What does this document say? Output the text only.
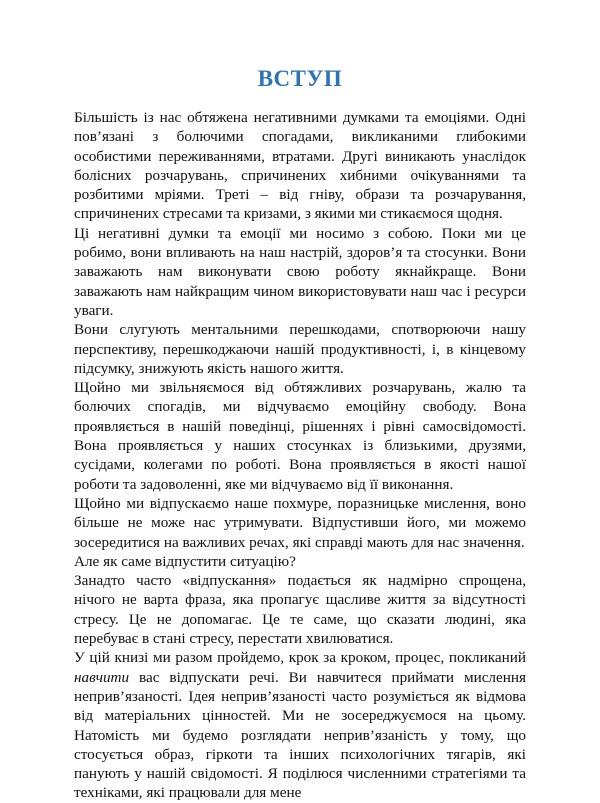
ВСТУП

Більшість із нас обтяжена негативними думками та емоціями. Одні пов’язані з болючими спогадами, викликаними глибокими особистими переживаннями, втратами. Другі виникають унаслідок болісних розчарувань, спричинених хибними очікуваннями та розбитими мріями. Треті – від гніву, образи та розчарування, спричинених стресами та кризами, з якими ми стикаємося щодня.

Ці негативні думки та емоції ми носимо з собою. Поки ми це робимо, вони впливають на наш настрій, здоров’я та стосунки. Вони заважають нам виконувати свою роботу якнайкраще. Вони заважають нам найкращим чином використовувати наш час і ресурси уваги.

Вони слугують ментальними перешкодами, спотворюючи нашу перспективу, перешкоджаючи нашій продуктивності, і, в кінцевому підсумку, знижують якість нашого життя.

Щойно ми звільняємося від обтяжливих розчарувань, жалю та болючих спогадів, ми відчуваємо емоційну свободу. Вона проявляється в нашій поведінці, рішеннях і рівні самосвідомості. Вона проявляється у наших стосунках із близькими, друзями, сусідами, колегами по роботі. Вона проявляється в якості нашої роботи та задоволенні, яке ми відчуваємо від її виконання.

Щойно ми відпускаємо наше похмуре, поразницьке мислення, воно більше не може нас утримувати. Відпустивши його, ми можемо зосередитися на важливих речах, які справді мають для нас значення.

Але як саме відпустити ситуацію?

Занадто часто «відпускання» подається як надмірно спрощена, нічого не варта фраза, яка пропагує щасливе життя за відсутності стресу. Це не допомагає. Це те саме, що сказати людині, яка перебуває в стані стресу, перестати хвилюватися.

У цій книзі ми разом пройдемо, крок за кроком, процес, покликаний навчити вас відпускати речі. Ви навчитеся приймати мислення неприв’язаності. Ідея неприв’язаності часто розуміється як відмова від матеріальних цінностей. Ми не зосереджуємося на цьому. Натомість ми будемо розглядати неприв’язаність у тому, що стосується образ, гіркоти та інших психологічних тягарів, які панують у нашій свідомості. Я поділюся численними стратегіями та техніками, які працювали для мене
